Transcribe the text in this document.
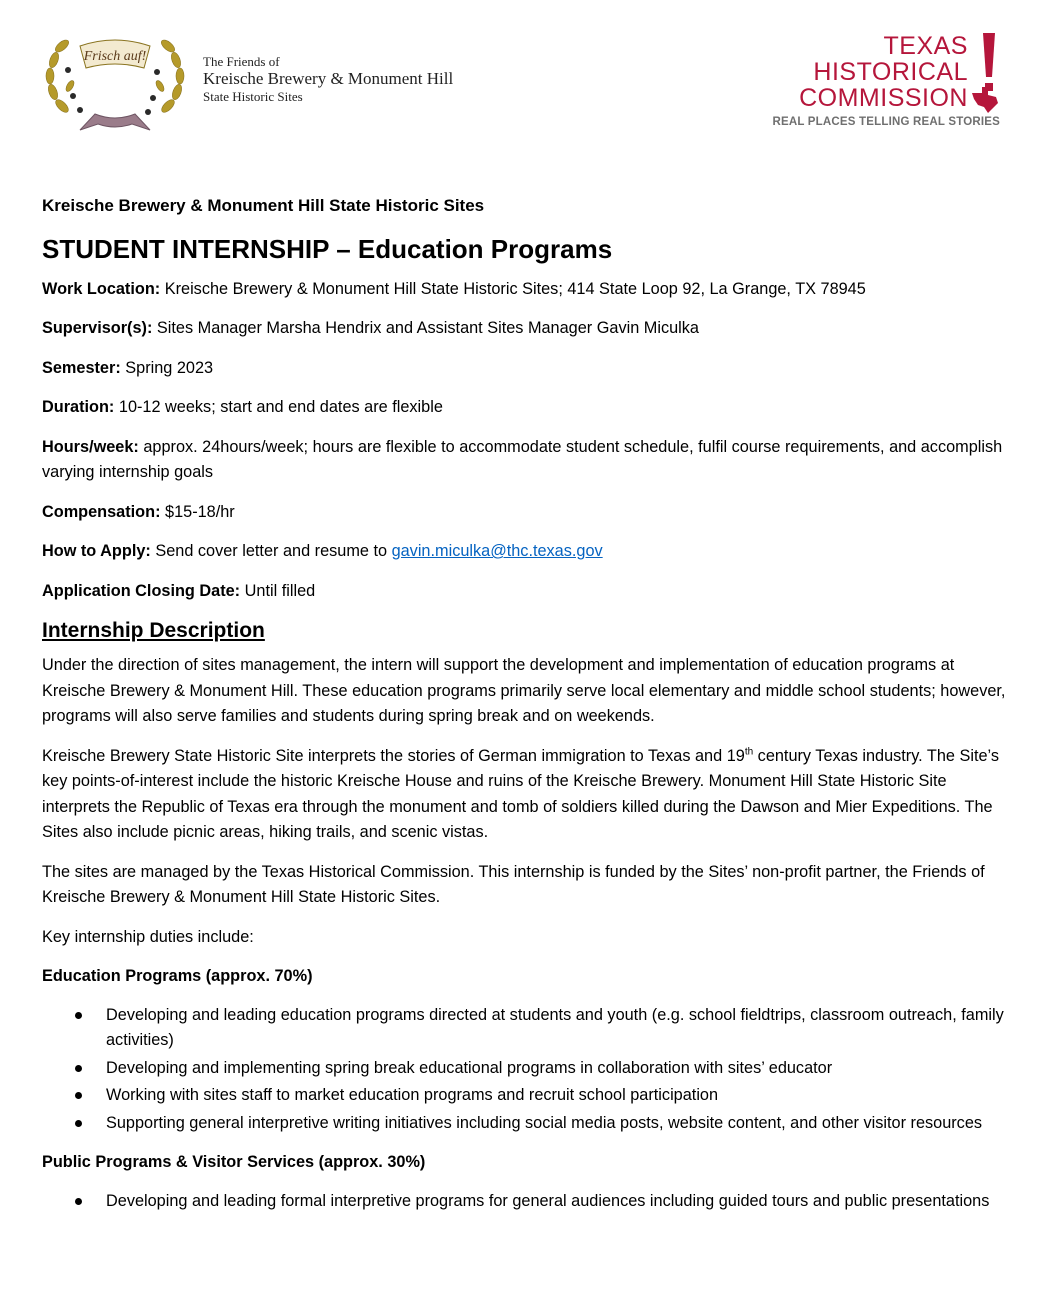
Frisch auf!	The Friends of
Kreische Brewery & Monument Hill
State Historic Sites
TEXAS
HISTORICAL
COMMISSION
REAL PLACES TELLING REAL STORIES

Kreische Brewery & Monument Hill State Historic Sites

STUDENT INTERNSHIP – Education Programs

Work Location: Kreische Brewery & Monument Hill State Historic Sites; 414 State Loop 92, La Grange, TX 78945

Supervisor(s): Sites Manager Marsha Hendrix and Assistant Sites Manager Gavin Miculka

Semester: Spring 2023

Duration: 10-12 weeks; start and end dates are flexible

Hours/week: approx. 24hours/week; hours are flexible to accommodate student schedule, fulfil course requirements, and accomplish varying internship goals

Compensation: $15-18/hr

How to Apply: Send cover letter and resume to gavin.miculka@thc.texas.gov

Application Closing Date: Until filled

Internship Description

Under the direction of sites management, the intern will support the development and implementation of education programs at Kreische Brewery & Monument Hill. These education programs primarily serve local elementary and middle school students; however, programs will also serve families and students during spring break and on weekends.

Kreische Brewery State Historic Site interprets the stories of German immigration to Texas and 19th century Texas industry. The Site’s key points-of-interest include the historic Kreische House and ruins of the Kreische Brewery. Monument Hill State Historic Site interprets the Republic of Texas era through the monument and tomb of soldiers killed during the Dawson and Mier Expeditions. The Sites also include picnic areas, hiking trails, and scenic vistas.

The sites are managed by the Texas Historical Commission. This internship is funded by the Sites’ non-profit partner, the Friends of Kreische Brewery & Monument Hill State Historic Sites.

Key internship duties include:

Education Programs (approx. 70%)

Developing and leading education programs directed at students and youth (e.g. school fieldtrips, classroom outreach, family activities)
Developing and implementing spring break educational programs in collaboration with sites’ educator
Working with sites staff to market education programs and recruit school participation
Supporting general interpretive writing initiatives including social media posts, website content, and other visitor resources

Public Programs & Visitor Services (approx. 30%)

Developing and leading formal interpretive programs for general audiences including guided tours and public presentations
